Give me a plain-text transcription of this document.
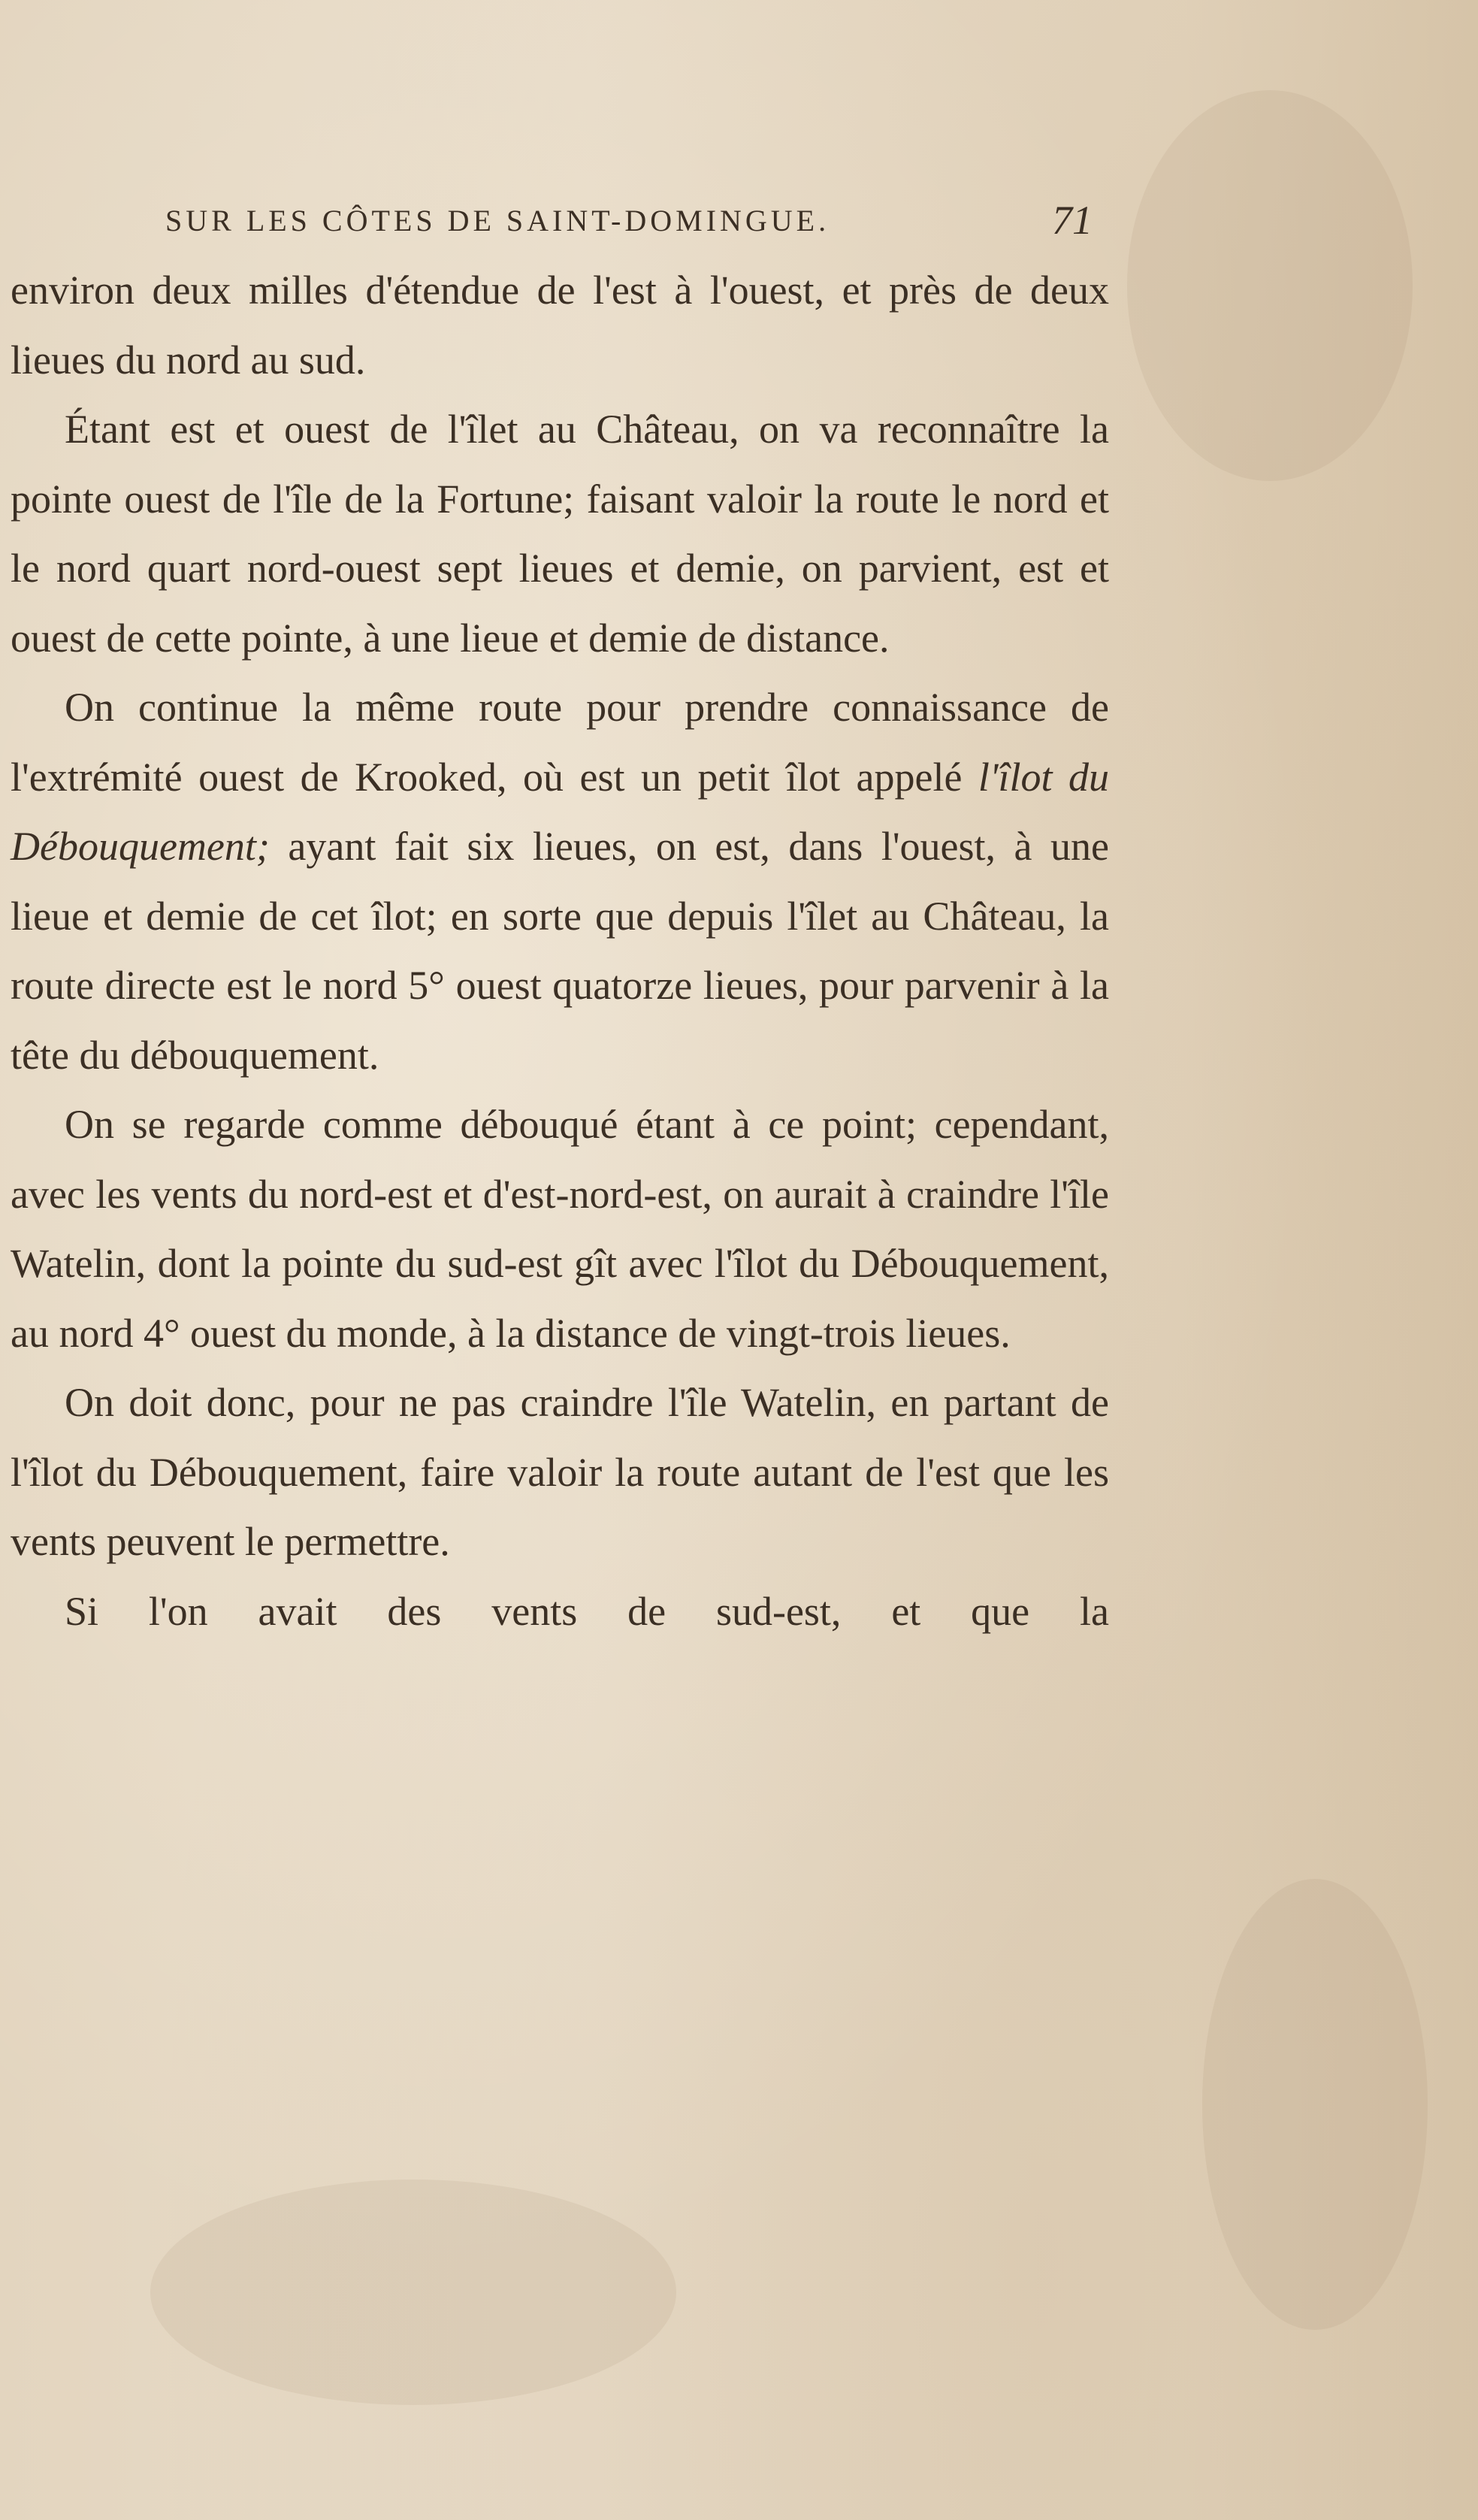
SUR LES CÔTES DE SAINT-DOMINGUE.	71

environ deux milles d'étendue de l'est à l'ouest, et près de deux lieues du nord au sud.

Étant est et ouest de l'îlet au Château, on va reconnaître la pointe ouest de l'île de la Fortune; faisant valoir la route le nord et le nord quart nord-ouest sept lieues et demie, on parvient, est et ouest de cette pointe, à une lieue et demie de distance.

On continue la même route pour prendre connaissance de l'extrémité ouest de Krooked, où est un petit îlot appelé l'îlot du Débouquement; ayant fait six lieues, on est, dans l'ouest, à une lieue et demie de cet îlot; en sorte que depuis l'îlet au Château, la route directe est le nord 5° ouest quatorze lieues, pour parvenir à la tête du débouquement.

On se regarde comme débouqué étant à ce point; cependant, avec les vents du nord-est et d'est-nord-est, on aurait à craindre l'île Watelin, dont la pointe du sud-est gît avec l'îlot du Débouquement, au nord 4° ouest du monde, à la distance de vingt-trois lieues.

On doit donc, pour ne pas craindre l'île Watelin, en partant de l'îlot du Débouquement, faire valoir la route autant de l'est que les vents peuvent le permettre.

Si l'on avait des vents de sud-est, et que la
